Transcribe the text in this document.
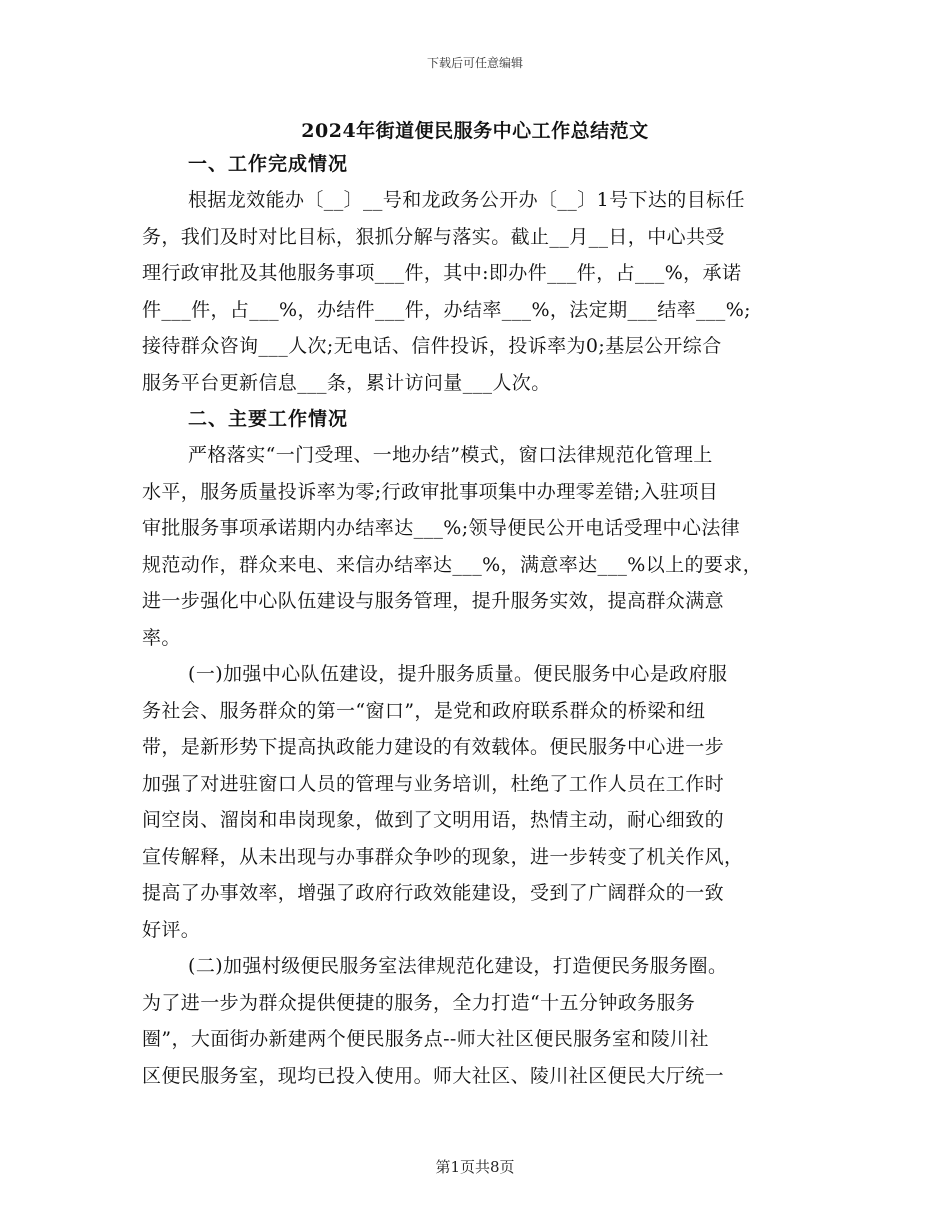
下载后可任意编辑
2024年街道便民服务中心工作总结范文
一、工作完成情况
根据龙效能办〔__〕__号和龙政务公开办〔__〕1号下达的目标任
务，我们及时对比目标，狠抓分解与落实。截止__月__日，中心共受
理行政审批及其他服务事项___件，其中:即办件___件，占___%，承诺
件___件，占___%，办结件___件，办结率___%，法定期___结率___%;
接待群众咨询___人次;无电话、信件投诉，投诉率为0;基层公开综合
服务平台更新信息___条，累计访问量___人次。
二、主要工作情况
严格落实“一门受理、一地办结”模式，窗口法律规范化管理上
水平，服务质量投诉率为零;行政审批事项集中办理零差错;入驻项目
审批服务事项承诺期内办结率达___%;领导便民公开电话受理中心法律
规范动作，群众来电、来信办结率达___%，满意率达___%以上的要求，
进一步强化中心队伍建设与服务管理，提升服务实效，提高群众满意
率。
(一)加强中心队伍建设，提升服务质量。便民服务中心是政府服
务社会、服务群众的第一“窗口”，是党和政府联系群众的桥梁和纽
带，是新形势下提高执政能力建设的有效载体。便民服务中心进一步
加强了对进驻窗口人员的管理与业务培训，杜绝了工作人员在工作时
间空岗、溜岗和串岗现象，做到了文明用语，热情主动，耐心细致的
宣传解释，从未出现与办事群众争吵的现象，进一步转变了机关作风，
提高了办事效率，增强了政府行政效能建设，受到了广阔群众的一致
好评。
(二)加强村级便民服务室法律规范化建设，打造便民务服务圈。
为了进一步为群众提供便捷的服务，全力打造“十五分钟政务服务
圈”，大面街办新建两个便民服务点--师大社区便民服务室和陵川社
区便民服务室，现均已投入使用。师大社区、陵川社区便民大厅统一
第1页共8页
